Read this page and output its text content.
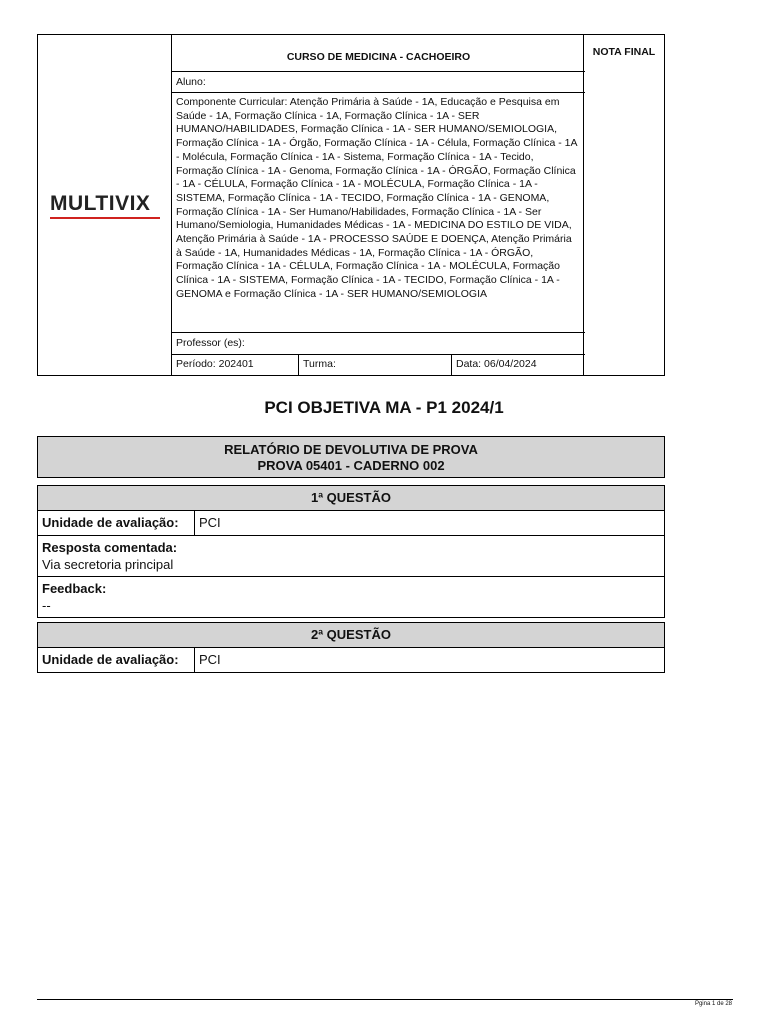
MULTIVIX
CURSO DE MEDICINA - CACHOEIRO
Aluno:

Componente Curricular: Atenção Primária à Saúde - 1A, Educação e Pesquisa em Saúde - 1A, Formação Clínica - 1A, Formação Clínica - 1A - SER HUMANO/HABILIDADES, Formação Clínica - 1A - SER HUMANO/SEMIOLOGIA, Formação Clínica - 1A - Órgão, Formação Clínica - 1A - Célula, Formação Clínica - 1A - Molécula, Formação Clínica - 1A - Sistema, Formação Clínica - 1A - Tecido, Formação Clínica - 1A - Genoma, Formação Clínica - 1A - ÓRGÃO, Formação Clínica - 1A - CÉLULA, Formação Clínica - 1A - MOLÉCULA, Formação Clínica - 1A - SISTEMA, Formação Clínica - 1A - TECIDO, Formação Clínica - 1A - GENOMA, Formação Clínica - 1A - Ser Humano/Habilidades, Formação Clínica - 1A - Ser Humano/Semiologia, Humanidades Médicas - 1A - MEDICINA DO ESTILO DE VIDA, Atenção Primária à Saúde - 1A - PROCESSO SAÚDE E DOENÇA, Atenção Primária à Saúde - 1A, Humanidades Médicas - 1A, Formação Clínica - 1A - ÓRGÃO, Formação Clínica - 1A - CÉLULA, Formação Clínica - 1A - MOLÉCULA, Formação Clínica - 1A - SISTEMA, Formação Clínica - 1A - TECIDO, Formação Clínica - 1A - GENOMA e Formação Clínica - 1A - SER HUMANO/SEMIOLOGIA

Professor (es):
Período: 202401	Turma:	Data: 06/04/2024
NOTA FINAL
PCI OBJETIVA MA - P1 2024/1
RELATÓRIO DE DEVOLUTIVA DE PROVA
PROVA 05401 - CADERNO 002
1ª QUESTÃO
Unidade de avaliação: PCI
Resposta comentada:
Via secretoria principal
Feedback:
--
2ª QUESTÃO
Unidade de avaliação: PCI
Pgina 1 de 28
